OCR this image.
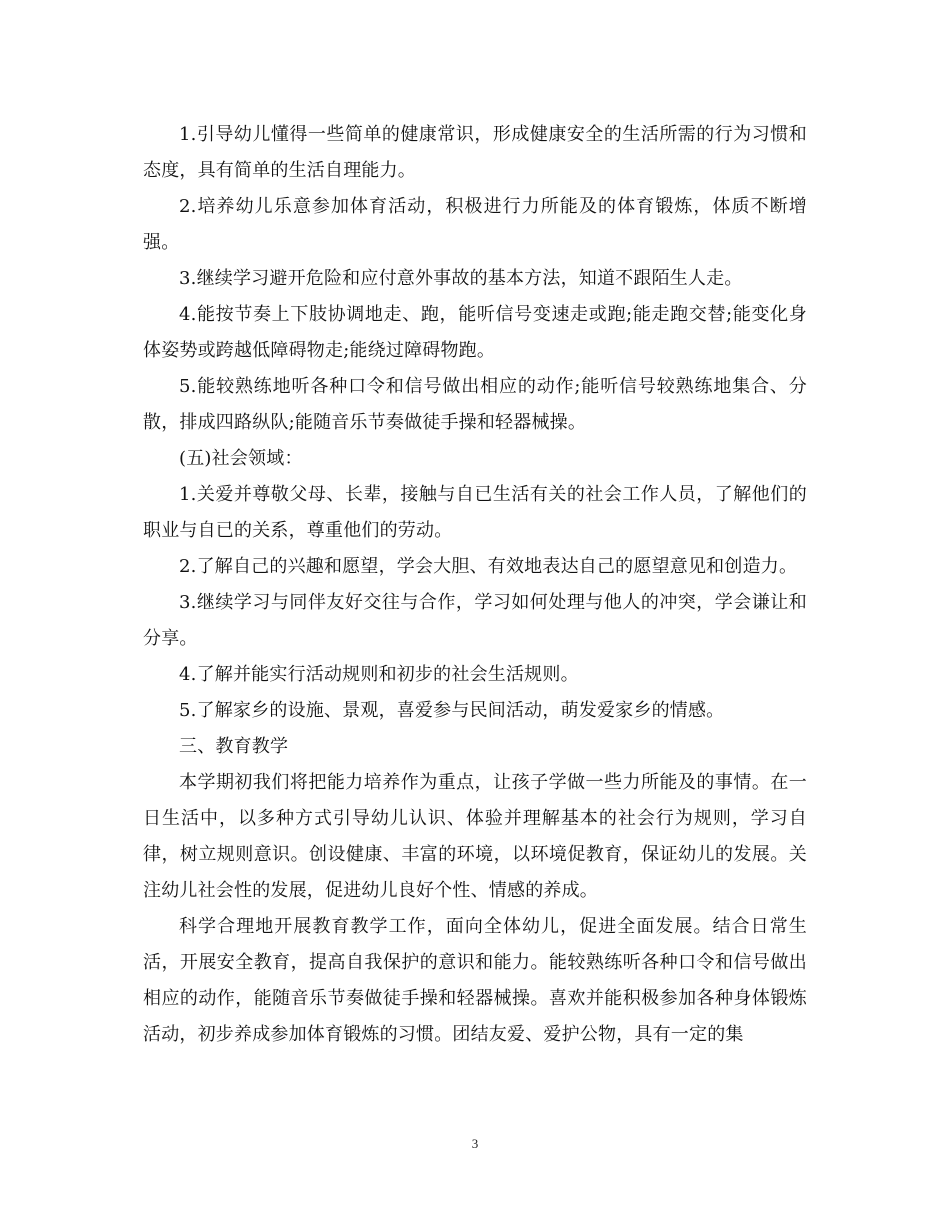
1.引导幼儿懂得一些简单的健康常识，形成健康安全的生活所需的行为习惯和态度，具有简单的生活自理能力。

2.培养幼儿乐意参加体育活动，积极进行力所能及的体育锻炼，体质不断增强。

3.继续学习避开危险和应付意外事故的基本方法，知道不跟陌生人走。

4.能按节奏上下肢协调地走、跑，能听信号变速走或跑;能走跑交替;能变化身体姿势或跨越低障碍物走;能绕过障碍物跑。

5.能较熟练地听各种口令和信号做出相应的动作;能听信号较熟练地集合、分散，排成四路纵队;能随音乐节奏做徒手操和轻器械操。

(五)社会领域：

1.关爱并尊敬父母、长辈，接触与自已生活有关的社会工作人员，了解他们的职业与自已的关系，尊重他们的劳动。

2.了解自己的兴趣和愿望，学会大胆、有效地表达自己的愿望意见和创造力。

3.继续学习与同伴友好交往与合作，学习如何处理与他人的冲突，学会谦让和分享。

4.了解并能实行活动规则和初步的社会生活规则。

5.了解家乡的设施、景观，喜爱参与民间活动，萌发爱家乡的情感。

三、教育教学

本学期初我们将把能力培养作为重点，让孩子学做一些力所能及的事情。在一日生活中，以多种方式引导幼儿认识、体验并理解基本的社会行为规则，学习自律，树立规则意识。创设健康、丰富的环境，以环境促教育，保证幼儿的发展。关注幼儿社会性的发展，促进幼儿良好个性、情感的养成。

科学合理地开展教育教学工作，面向全体幼儿，促进全面发展。结合日常生活，开展安全教育，提高自我保护的意识和能力。能较熟练听各种口令和信号做出相应的动作，能随音乐节奏做徒手操和轻器械操。喜欢并能积极参加各种身体锻炼活动，初步养成参加体育锻炼的习惯。团结友爱、爱护公物，具有一定的集

3
